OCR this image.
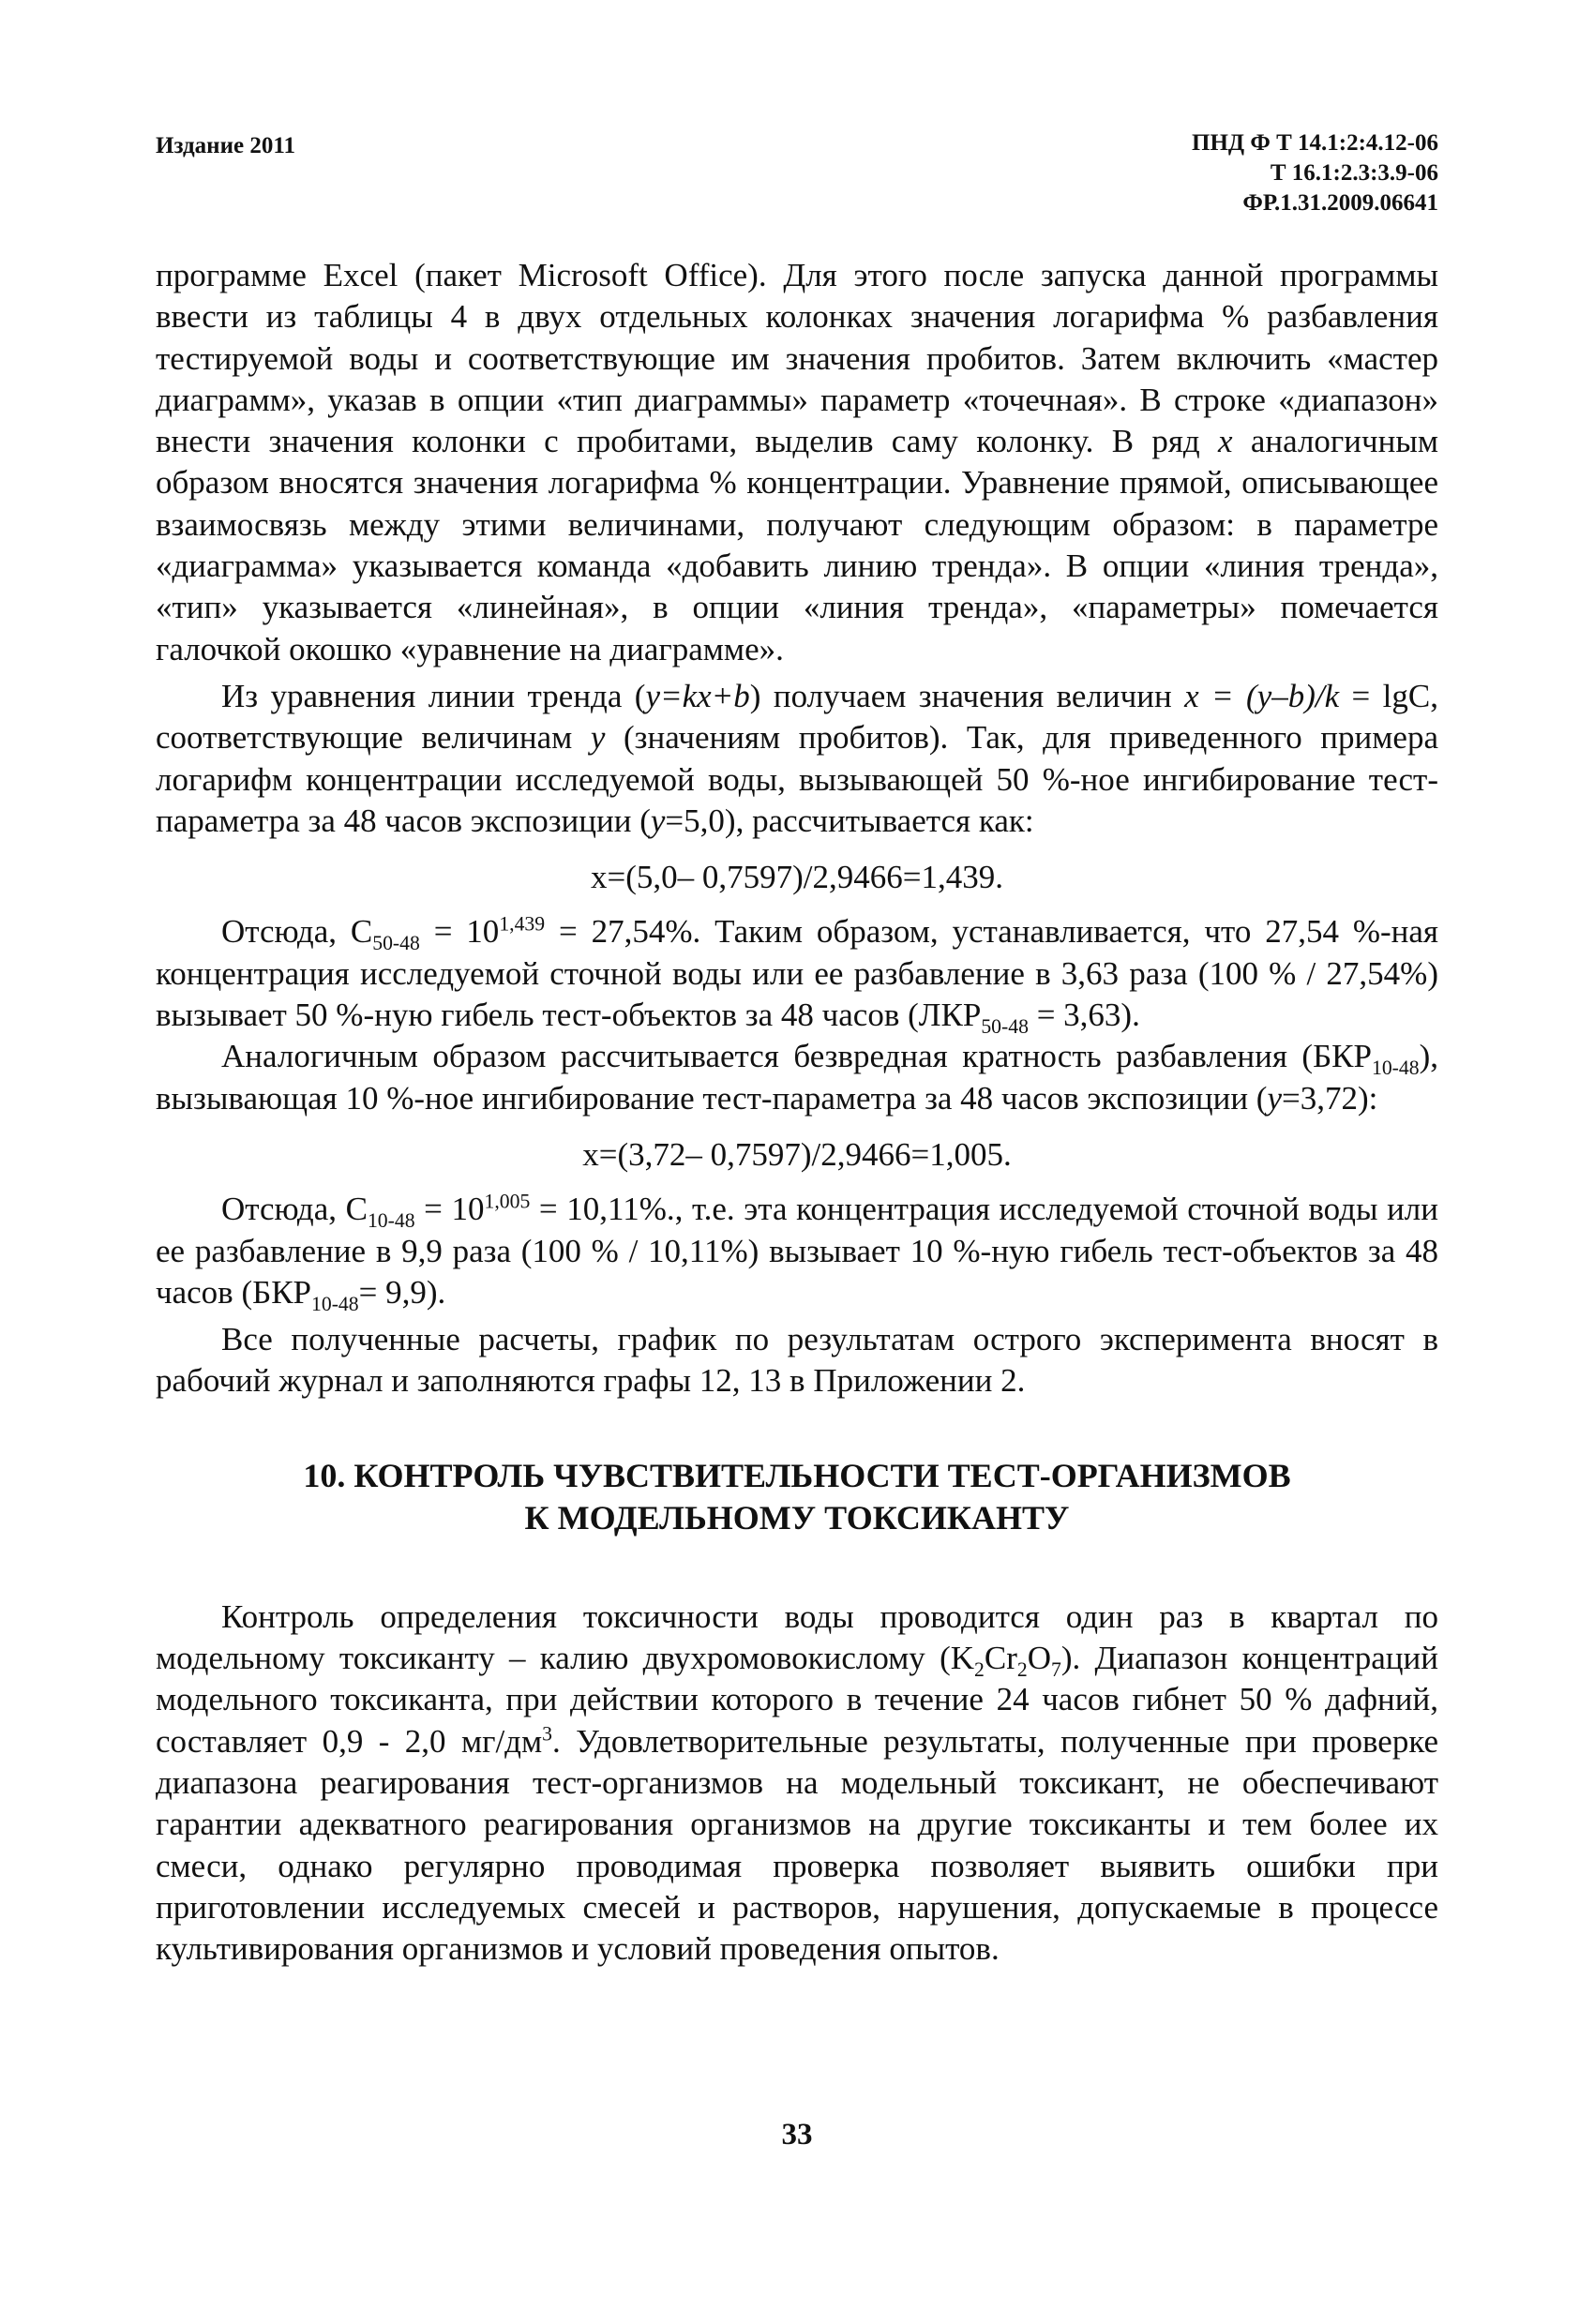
Издание 2011	ПНД Ф Т 14.1:2:4.12-06
Т 16.1:2.3:3.9-06
ФР.1.31.2009.06641

программе Excel (пакет Microsoft Office). Для этого после запуска данной программы ввести из таблицы 4 в двух отдельных колонках значения логарифма % разбавления тестируемой воды и соответствующие им значения пробитов. Затем включить «мастер диаграмм», указав в опции «тип диаграммы» параметр «точечная». В строке «диапазон» внести значения колонки с пробитами, выделив саму колонку. В ряд x аналогичным образом вносятся значения логарифма % концентрации. Уравнение прямой, описывающее взаимосвязь между этими величинами, получают следующим образом: в параметре «диаграмма» указывается команда «добавить линию тренда». В опции «линия тренда», «тип» указывается «линейная», в опции «линия тренда», «параметры» помечается галочкой окошко «уравнение на диаграмме».

Из уравнения линии тренда (y=kx+b) получаем значения величин x = (y–b)/k = lgC, соответствующие величинам y (значениям пробитов). Так, для приведенного примера логарифм концентрации исследуемой воды, вызывающей 50 %-ное ингибирование тест-параметра за 48 часов экспозиции (y=5,0), рассчитывается как:

x=(5,0– 0,7597)/2,9466=1,439.

Отсюда, $C_{50-48} = 10^{1,439} = 27,54\%$. Таким образом, устанавливается, что 27,54 %-ная концентрация исследуемой сточной воды или ее разбавление в 3,63 раза (100 % / 27,54%) вызывает 50 %-ную гибель тест-объектов за 48 часов $(ЛКР_{50-48} = 3,63)$.

Аналогичным образом рассчитывается безвредная кратность разбавления $(БКР_{10-48})$, вызывающая 10 %-ное ингибирование тест-параметра за 48 часов экспозиции (y=3,72):

x=(3,72– 0,7597)/2,9466=1,005.

Отсюда, $C_{10-48} = 10^{1,005} = 10,11\%$., т.е. эта концентрация исследуемой сточной воды или ее разбавление в 9,9 раза (100 % / 10,11%) вызывает 10 %-ную гибель тест-объектов за 48 часов $(БКР_{10-48}= 9,9)$.

Все полученные расчеты, график по результатам острого эксперимента вносят в рабочий журнал и заполняются графы 12, 13 в Приложении 2.

10. КОНТРОЛЬ ЧУВСТВИТЕЛЬНОСТИ ТЕСТ-ОРГАНИЗМОВ
К МОДЕЛЬНОМУ ТОКСИКАНТУ

Контроль определения токсичности воды проводится один раз в квартал по модельному токсиканту – калию двухромовокислому $(K_2Cr_2O_7)$. Диапазон концентраций модельного токсиканта, при действии которого в течение 24 часов гибнет 50 % дафний, составляет 0,9 - 2,0 $мг/дм^3$. Удовлетворительные результаты, полученные при проверке диапазона реагирования тест-организмов на модельный токсикант, не обеспечивают гарантии адекватного реагирования организмов на другие токсиканты и тем более их смеси, однако регулярно проводимая проверка позволяет выявить ошибки при приготовлении исследуемых смесей и растворов, нарушения, допускаемые в процессе культивирования организмов и условий проведения опытов.

33
